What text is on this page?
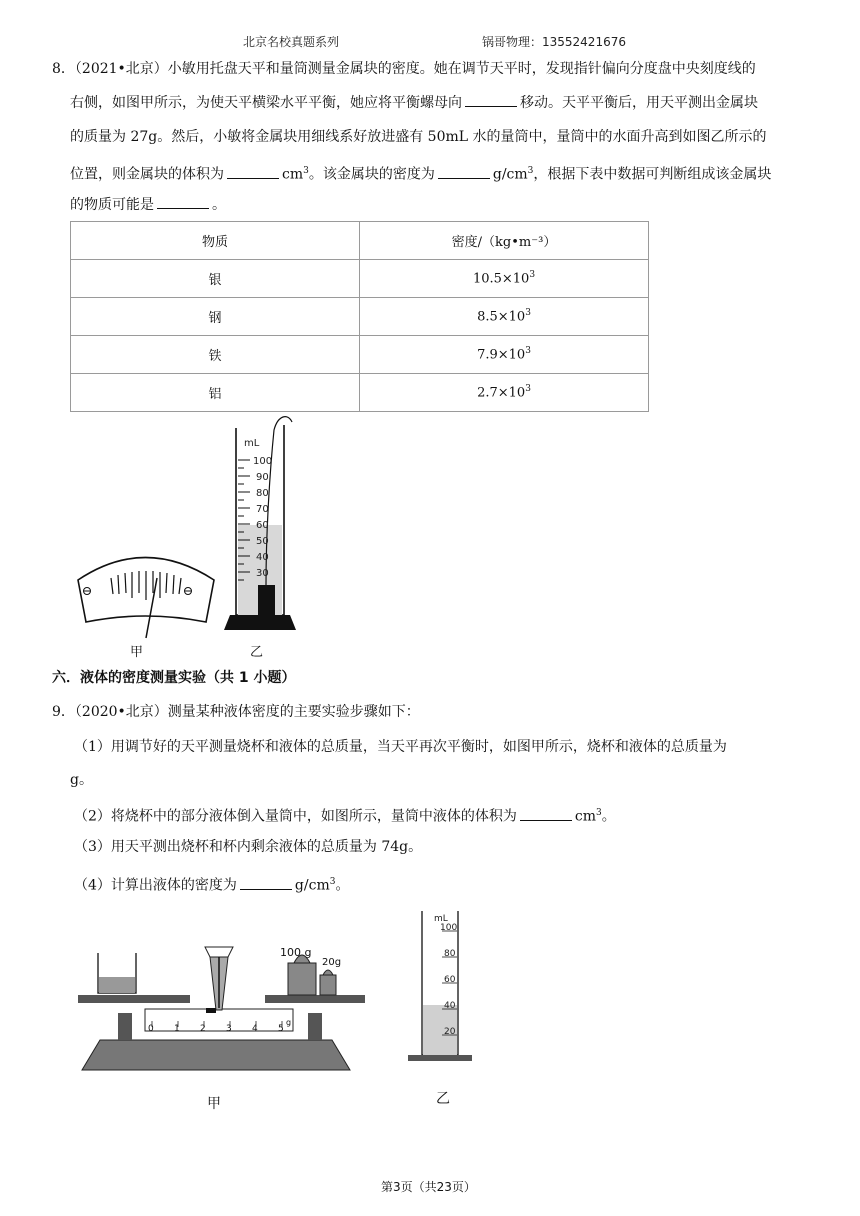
北京名校真题系列	锅哥物理：13552421676
8．（2021•北京）小敏用托盘天平和量筒测量金属块的密度。她在调节天平时，发现指针偏向分度盘中央刻度线的
右侧，如图甲所示，为使天平横梁水平平衡，她应将平衡螺母向	移动。天平平衡后，用天平测出金属块
的质量为 27g。然后，小敏将金属块用细线系好放进盛有 50mL 水的量筒中，量筒中的水面升高到如图乙所示的
位置，则金属块的体积为	$cm^3$。该金属块的密度为	$g/cm^3$，根据下表中数据可判断组成该金属块
的物质可能是	。
物质	密度/（kg•m⁻³）
银	$10.5\times 10^3$
钢	$8.5\times 10^3$
铁	$7.9\times 10^3$
铝	$2.7\times 10^3$
mL
100
90
80
70
60
50
40
30
甲	乙
六．液体的密度测量实验（共 1 小题）
9．（2020•北京）测量某种液体密度的主要实验步骤如下：
（1）用调节好的天平测量烧杯和液体的总质量，当天平再次平衡时，如图甲所示，烧杯和液体的总质量为
g。
（2）将烧杯中的部分液体倒入量筒中，如图所示，量筒中液体的体积为	$cm^3$。
（3）用天平测出烧杯和杯内剩余液体的总质量为 74g。
（4）计算出液体的密度为	$g/cm^3$。
100 g
20g
0 1 2 3 4 5
g
mL
100
80
60
40
20
甲	乙
第3页（共23页）
